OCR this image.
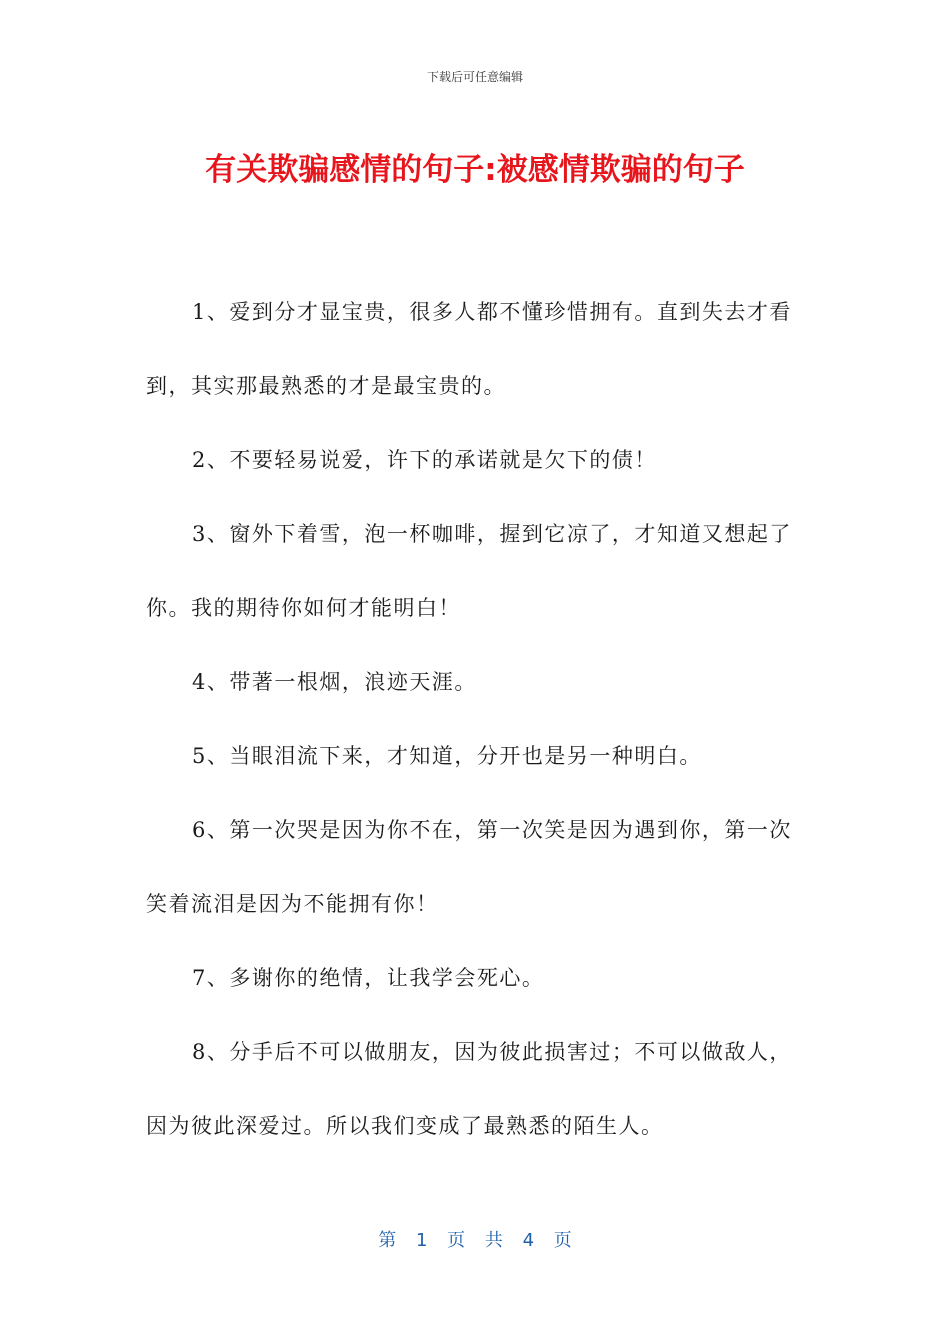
下载后可任意编辑
有关欺骗感情的句子:被感情欺骗的句子

1、爱到分才显宝贵，很多人都不懂珍惜拥有。直到失去才看到，其实那最熟悉的才是最宝贵的。

2、不要轻易说爱，许下的承诺就是欠下的债！

3、窗外下着雪，泡一杯咖啡，握到它凉了，才知道又想起了你。我的期待你如何才能明白！

4、带著一根烟，浪迹天涯。

5、当眼泪流下来，才知道，分开也是另一种明白。

6、第一次哭是因为你不在，第一次笑是因为遇到你，第一次笑着流泪是因为不能拥有你！

7、多谢你的绝情，让我学会死心。

8、分手后不可以做朋友，因为彼此损害过；不可以做敌人，因为彼此深爱过。所以我们变成了最熟悉的陌生人。

第 1 页 共 4 页
